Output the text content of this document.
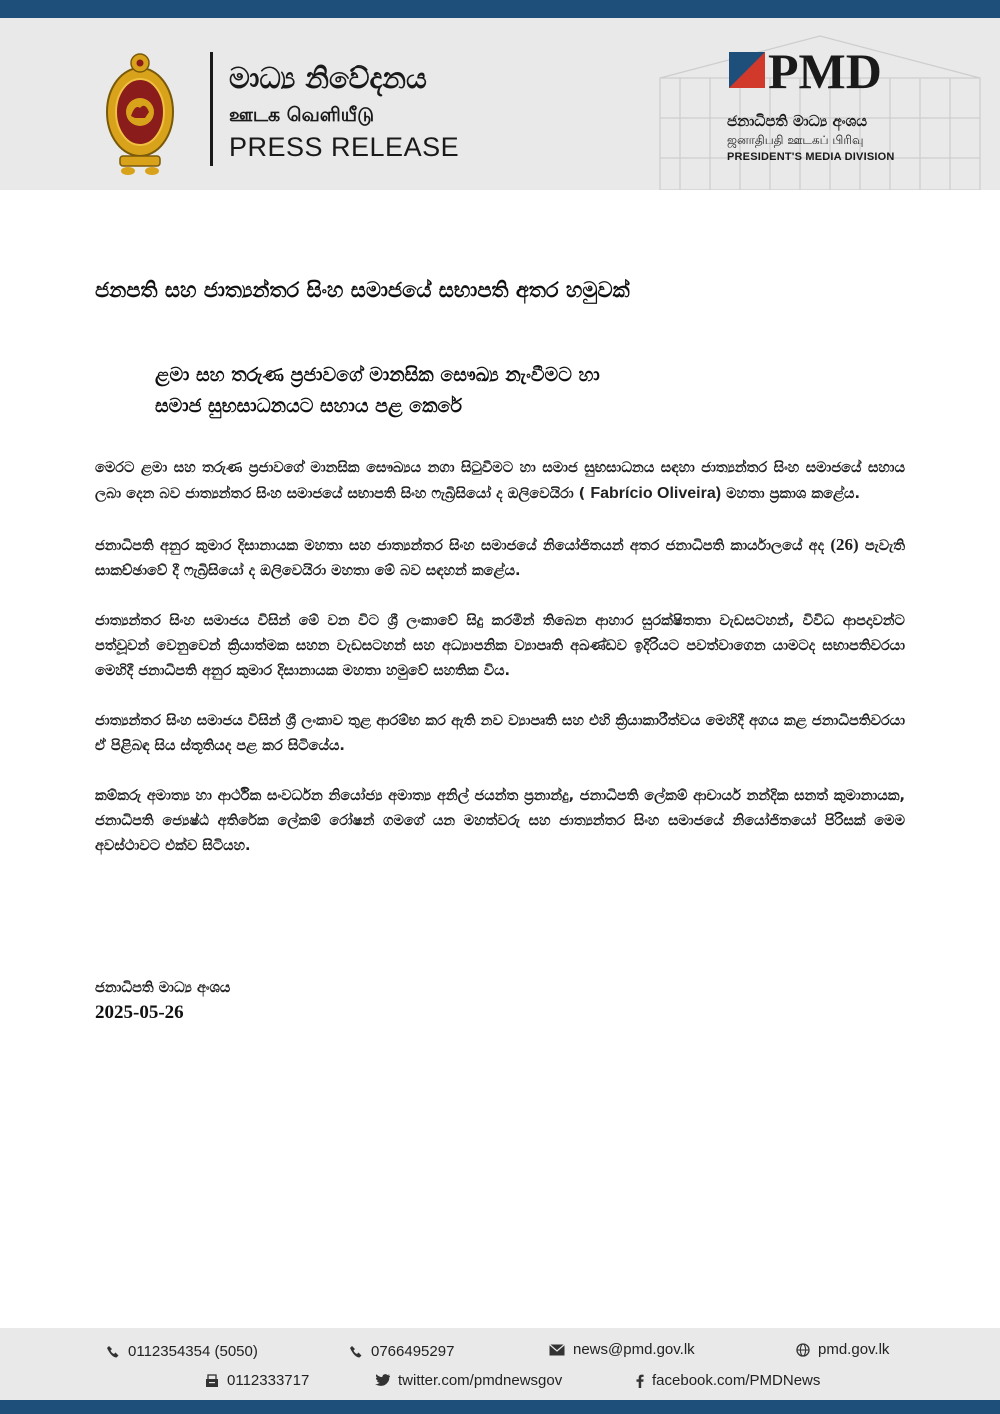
මාධ්‍ය නිවේදනය
ஊடக வெளியீடு
PRESS RELEASE
PMD
ජනාධිපති මාධ්‍ය අංශය
ஜனாதிபதி ஊடகப் பிரிவு
PRESIDENT'S MEDIA DIVISION
ජනපති සහ ජාත්‍යන්තර සිංහ සමාජයේ සභාපති අතර හමුවක්
ළමා සහ තරුණ ප්‍රජාවගේ මානසික සෞඛ්‍ය නැංවීමට හා
සමාජ සුභසාධනයට සහාය පළ කෙරේ

මෙරට ළමා සහ තරුණ ප්‍රජාවගේ මානසික සෞඛ්‍යය නගා සිටුවීමට හා සමාජ සුභසාධනය සඳහා ජාත්‍යන්තර සිංහ සමාජයේ සහාය ලබා දෙන බව ජාත්‍යන්තර සිංහ සමාජයේ සභාපති සිංහ ෆැබ්‍රිසියෝ ද ඔලිවෙයිරා ( Fabrício Oliveira) මහතා ප්‍රකාශ කළේය.

ජනාධිපති අනුර කුමාර දිසානායක මහතා සහ ජාත්‍යන්තර සිංහ සමාජයේ නියෝජිතයන් අතර ජනාධිපති කාර්යාලයේ අද (26) පැවැති සාකච්ඡාවේ දී ෆැබ්‍රිසියෝ ද ඔලිවෙයිරා මහතා මේ බව සඳහන් කළේය.

ජාත්‍යන්තර සිංහ සමාජය විසින් මේ වන විට ශ්‍රී ලංකාවේ සිදු කරමින් තිබෙන ආහාර සුරක්ෂිතතා වැඩසටහන්, විවිධ ආපදාවන්ට පත්වූවන් වෙනුවෙන් ක්‍රියාත්මක සහන වැඩසටහන් සහ අධ්‍යාපනික ව්‍යාපෘති අඛණ්ඩව ඉදිරියට පවත්වාගෙන යාමටද සභාපතිවරයා මෙහිදී ජනාධිපති අනුර කුමාර දිසානායක මහතා හමුවේ සහතික විය.

ජාත්‍යන්තර සිංහ සමාජය විසින් ශ්‍රී ලංකාව තුළ ආරම්භ කර ඇති නව ව්‍යාපෘති සහ එහි ක්‍රියාකාරීත්වය මෙහිදී අගය කළ ජනාධිපතිවරයා ඒ පිළිබඳ සිය ස්තූතියද පළ කර සිටියේය.

කම්කරු අමාත්‍ය හා ආර්ථික සංවර්ධන නියෝජ්‍ය අමාත්‍ය අනිල් ජයන්ත ප්‍රනාන්දු, ජනාධිපති ලේකම් ආචාර්ය නන්දික සනත් කුමානායක, ජනාධිපති ජ්‍යෙෂ්ඨ අතිරේක ලේකම් රෝෂන් ගමගේ යන මහත්වරු සහ ජාත්‍යන්තර සිංහ සමාජයේ නියෝජිතයෝ පිරිසක් මෙම අවස්ථාවට එක්ව සිටියහ.

ජනාධිපති මාධ්‍ය අංශය
2025-05-26
0112354354 (5050)	0766495297	news@pmd.gov.lk	pmd.gov.lk
0112333717	twitter.com/pmdnewsgov	facebook.com/PMDNews
